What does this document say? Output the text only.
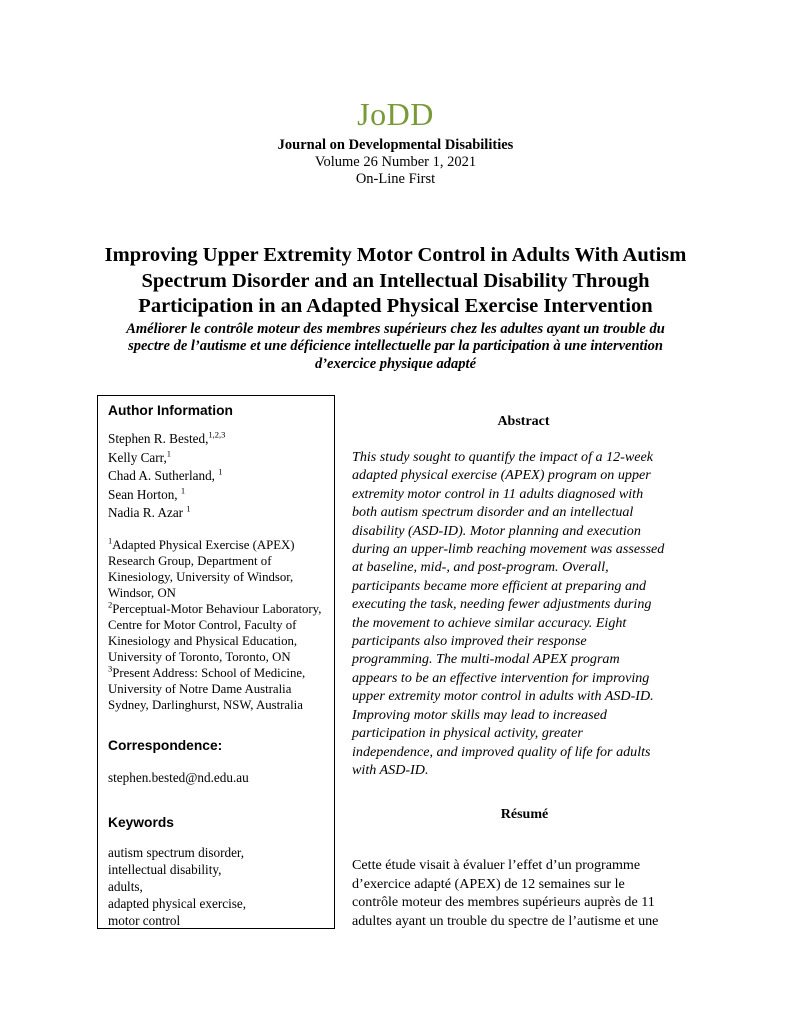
JoDD
Journal on Developmental Disabilities
Volume 26 Number 1, 2021
On-Line First
Improving Upper Extremity Motor Control in Adults With Autism
Spectrum Disorder and an Intellectual Disability Through
Participation in an Adapted Physical Exercise Intervention
Améliorer le contrôle moteur des membres supérieurs chez les adultes ayant un trouble du
spectre de l’autisme et une déficience intellectuelle par la participation à une intervention
d’exercice physique adapté
Author Information
Stephen R. Bested,$^{1,2,3}$
Kelly Carr,$^1$
Chad A. Sutherland, $^1$
Sean Horton, $^1$
Nadia R. Azar $^1$
$^1$Adapted Physical Exercise (APEX)
Research Group, Department of
Kinesiology, University of Windsor,
Windsor, ON
$^2$Perceptual-Motor Behaviour Laboratory,
Centre for Motor Control, Faculty of
Kinesiology and Physical Education,
University of Toronto, Toronto, ON
$^3$Present Address: School of Medicine,
University of Notre Dame Australia
Sydney, Darlinghurst, NSW, Australia
Correspondence:
stephen.bested@nd.edu.au
Keywords
autism spectrum disorder,
intellectual disability,
adults,
adapted physical exercise,
motor control
Abstract
This study sought to quantify the impact of a 12-week
adapted physical exercise (APEX) program on upper
extremity motor control in 11 adults diagnosed with
both autism spectrum disorder and an intellectual
disability (ASD-ID). Motor planning and execution
during an upper-limb reaching movement was assessed
at baseline, mid-, and post-program. Overall,
participants became more efficient at preparing and
executing the task, needing fewer adjustments during
the movement to achieve similar accuracy. Eight
participants also improved their response
programming. The multi-modal APEX program
appears to be an effective intervention for improving
upper extremity motor control in adults with ASD-ID.
Improving motor skills may lead to increased
participation in physical activity, greater
independence, and improved quality of life for adults
with ASD-ID.
Résumé
Cette étude visait à évaluer l’effet d’un programme
d’exercice adapté (APEX) de 12 semaines sur le
contrôle moteur des membres supérieurs auprès de 11
adultes ayant un trouble du spectre de l’autisme et une
